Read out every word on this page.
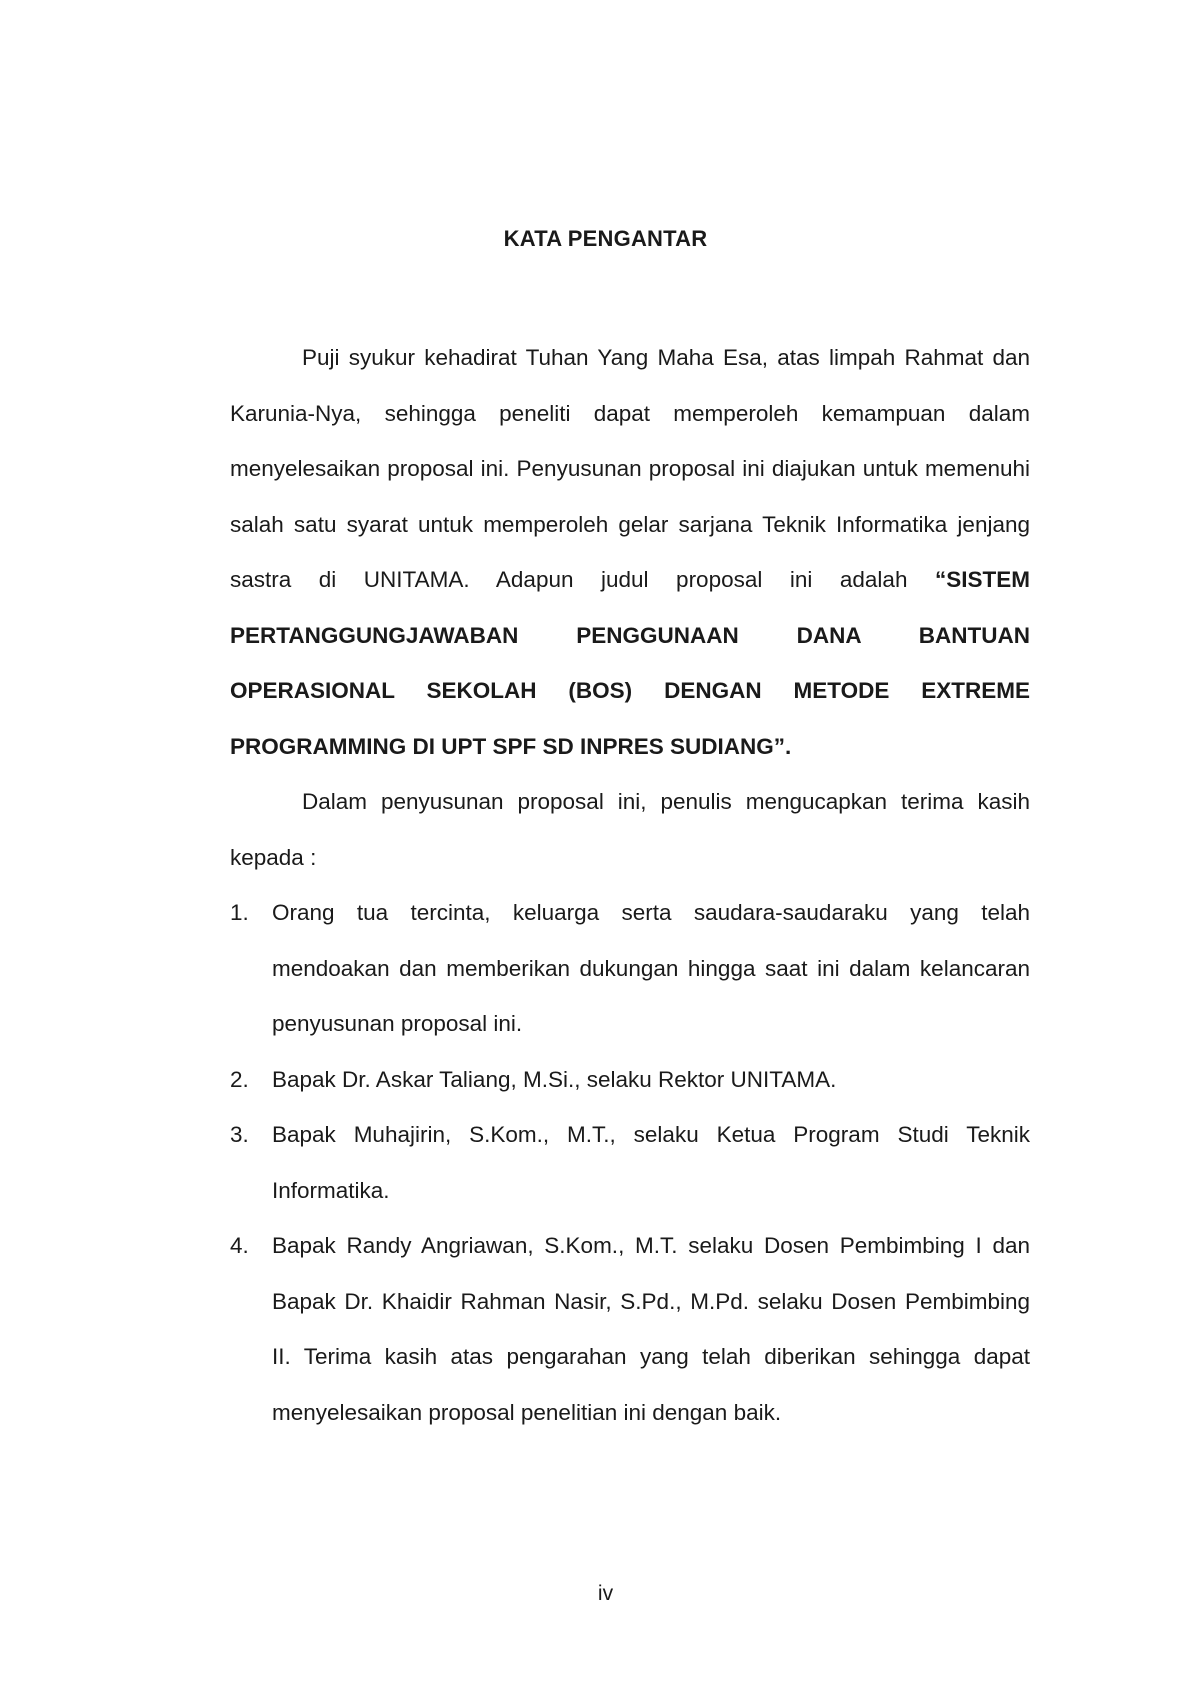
KATA PENGANTAR

Puji syukur kehadirat Tuhan Yang Maha Esa, atas limpah Rahmat dan Karunia-Nya, sehingga peneliti dapat memperoleh kemampuan dalam menyelesaikan proposal ini. Penyusunan proposal ini diajukan untuk memenuhi salah satu syarat untuk memperoleh gelar sarjana Teknik Informatika jenjang sastra di UNITAMA. Adapun judul proposal ini adalah “SISTEM PERTANGGUNGJAWABAN PENGGUNAAN DANA BANTUAN OPERASIONAL SEKOLAH (BOS) DENGAN METODE EXTREME PROGRAMMING DI UPT SPF SD INPRES SUDIANG”.

Dalam penyusunan proposal ini, penulis mengucapkan terima kasih kepada :

1. Orang tua tercinta, keluarga serta saudara-saudaraku yang telah mendoakan dan memberikan dukungan hingga saat ini dalam kelancaran penyusunan proposal ini.
2. Bapak Dr. Askar Taliang, M.Si., selaku Rektor UNITAMA.
3. Bapak Muhajirin, S.Kom., M.T., selaku Ketua Program Studi Teknik Informatika.
4. Bapak Randy Angriawan, S.Kom., M.T. selaku Dosen Pembimbing I dan Bapak Dr. Khaidir Rahman Nasir, S.Pd., M.Pd. selaku Dosen Pembimbing II. Terima kasih atas pengarahan yang telah diberikan sehingga dapat menyelesaikan proposal penelitian ini dengan baik.
iv
